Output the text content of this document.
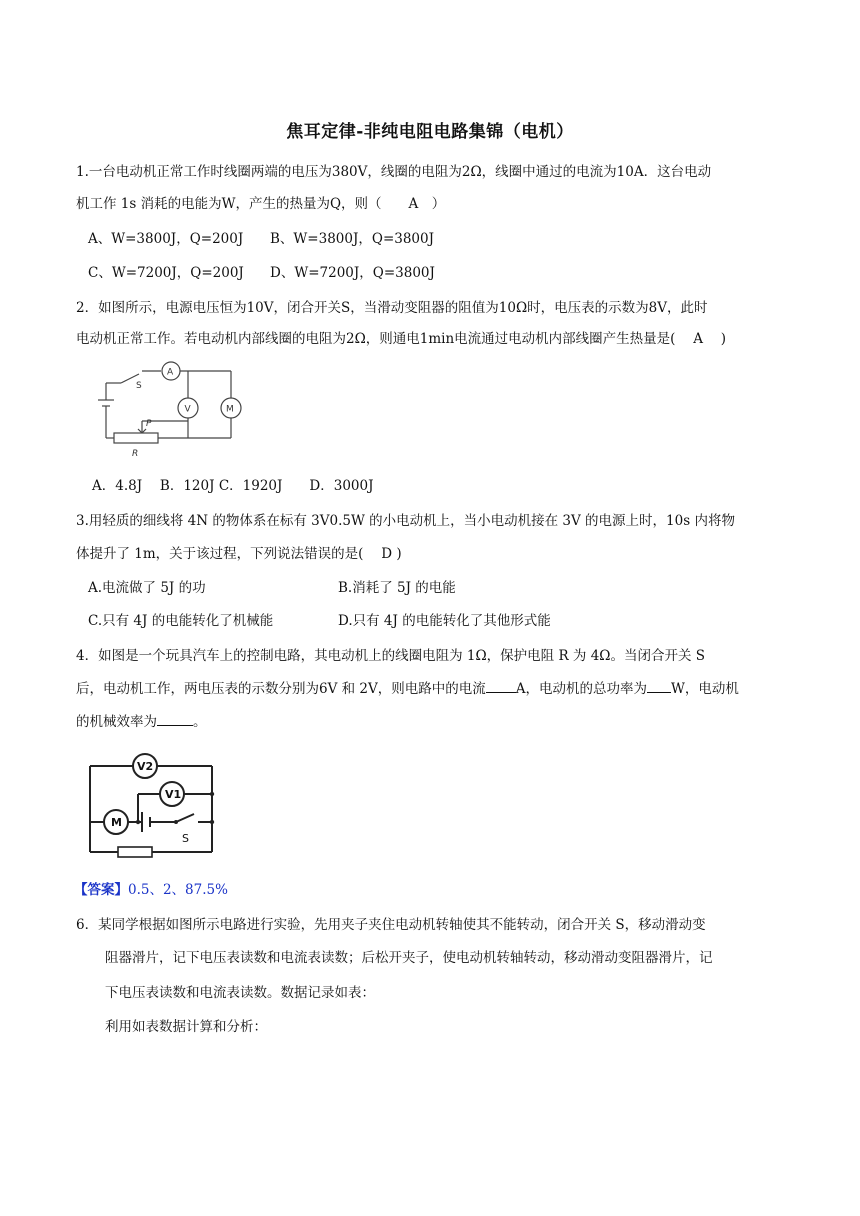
焦耳定律-非纯电阻电路集锦（电机）
1.一台电动机正常工作时线圈两端的电压为380V，线圈的电阻为2Ω，线圈中通过的电流为10A．这台电动
机工作 1s 消耗的电能为W，产生的热量为Q，则（　　A　）
A、W=3800J，Q=200J B、W=3800J，Q=3800J
C、W=7200J，Q=200J D、W=7200J，Q=3800J
2．如图所示，电源电压恒为10V，闭合开关S，当滑动变阻器的阻值为10Ω时，电压表的示数为8V，此时
电动机正常工作。若电动机内部线圈的电阻为2Ω，则通电1min电流通过电动机内部线圈产生热量是(　 A　 )
S
A
V	M
P
R
A．4.8J　 B．120J C．1920J　　D．3000J
3.用轻质的细线将 4N 的物体系在标有 3V0.5W 的小电动机上，当小电动机接在 3V 的电源上时，10s 内将物
体提升了 1m，关于该过程，下列说法错误的是(　 D )
A.电流做了 5J 的功	B.消耗了 5J 的电能
C.只有 4J 的电能转化了机械能	D.只有 4J 的电能转化了其他形式能
4．如图是一个玩具汽车上的控制电路，其电动机上的线圈电阻为 1Ω，保护电阻 R 为 4Ω。当闭合开关 S
后，电动机工作，两电压表的示数分别为6V 和 2V，则电路中的电流 A，电动机的总功率为 W，电动机
的机械效率为	。
V2
V1
M
S
【答案】0.5、2、87.5%
6．某同学根据如图所示电路进行实验，先用夹子夹住电动机转轴使其不能转动，闭合开关 S，移动滑动变
阻器滑片，记下电压表读数和电流表读数；后松开夹子，使电动机转轴转动，移动滑动变阻器滑片，记
下电压表读数和电流表读数。数据记录如表：
利用如表数据计算和分析：
